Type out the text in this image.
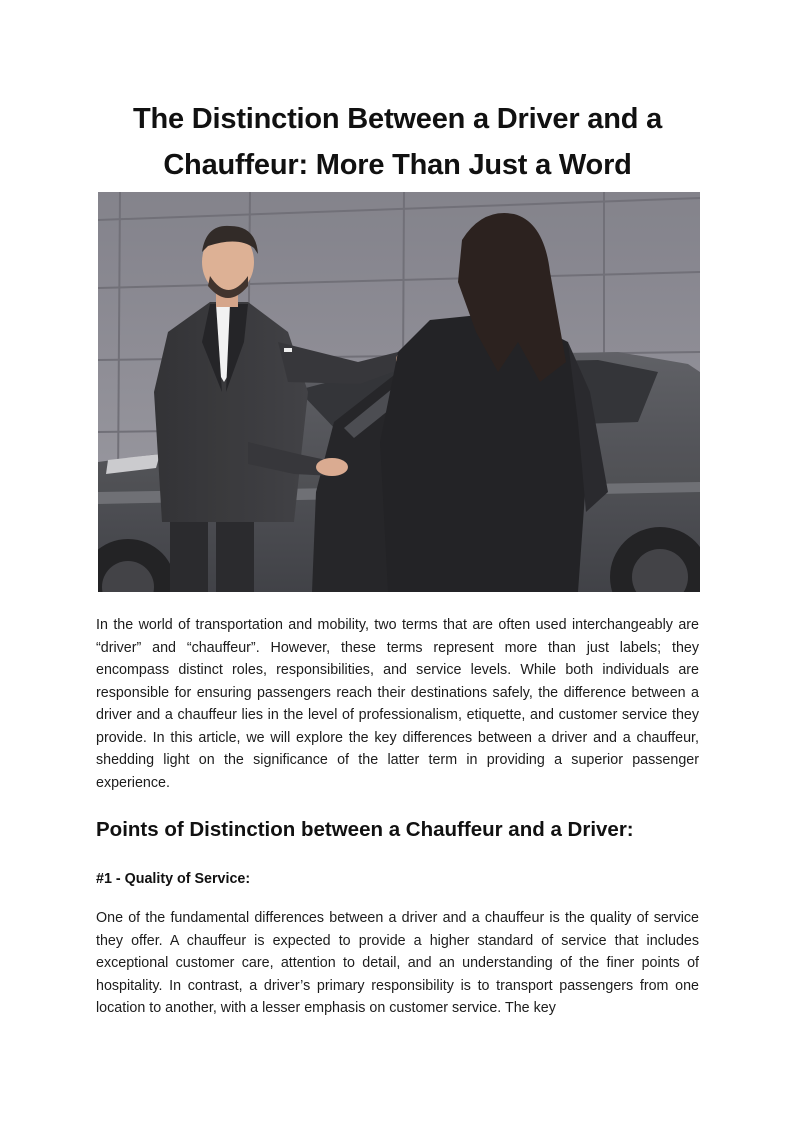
The Distinction Between a Driver and a Chauffeur: More Than Just a Word

In the world of transportation and mobility, two terms that are often used interchangeably are “driver” and “chauffeur”. However, these terms represent more than just labels; they encompass distinct roles, responsibilities, and service levels. While both individuals are responsible for ensuring passengers reach their destinations safely, the difference between a driver and a chauffeur lies in the level of professionalism, etiquette, and customer service they provide. In this article, we will explore the key differences between a driver and a chauffeur, shedding light on the significance of the latter term in providing a superior passenger experience.

Points of Distinction between a Chauffeur and a Driver:
#1 - Quality of Service:

One of the fundamental differences between a driver and a chauffeur is the quality of service they offer. A chauffeur is expected to provide a higher standard of service that includes exceptional customer care, attention to detail, and an understanding of the finer points of hospitality. In contrast, a driver’s primary responsibility is to transport passengers from one location to another, with a lesser emphasis on customer service. The key
